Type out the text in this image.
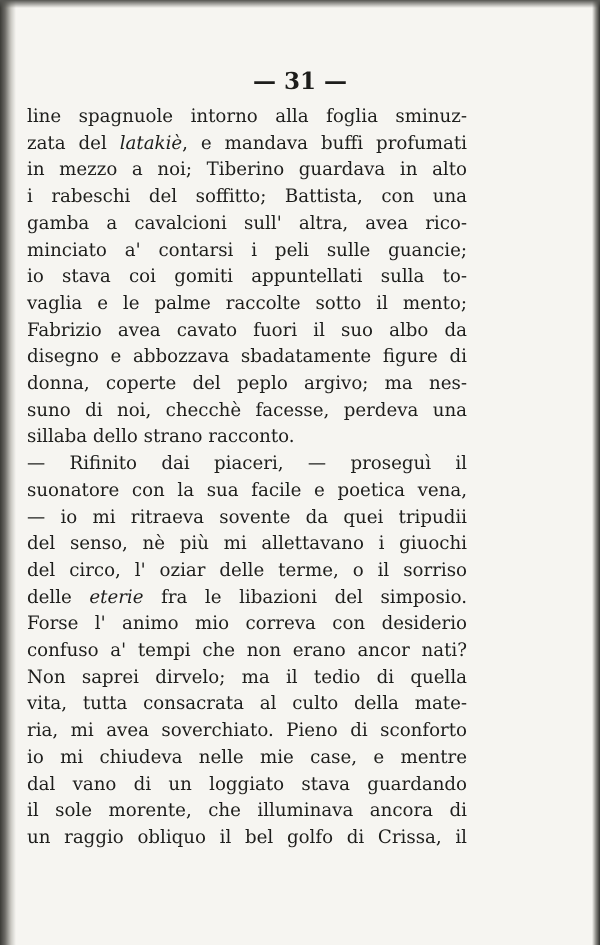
— 31 —
line spagnuole intorno alla foglia sminuz-
zata del latakiè, e mandava buffi profumati
in mezzo a noi; Tiberino guardava in alto
i rabeschi del soffitto; Battista, con una
gamba a cavalcioni sull' altra, avea rico-
minciato a' contarsi i peli sulle guancie;
io stava coi gomiti appuntellati sulla to-
vaglia e le palme raccolte sotto il mento;
Fabrizio avea cavato fuori il suo albo da
disegno e abbozzava sbadatamente figure di
donna, coperte del peplo argivo; ma nes-
suno di noi, checchè facesse, perdeva una
sillaba dello strano racconto.
— Rifinito dai piaceri, — proseguì il
suonatore con la sua facile e poetica vena,
— io mi ritraeva sovente da quei tripudii
del senso, nè più mi allettavano i giuochi
del circo, l' oziar delle terme, o il sorriso
delle eterie fra le libazioni del simposio.
Forse l' animo mio correva con desiderio
confuso a' tempi che non erano ancor nati?
Non saprei dirvelo; ma il tedio di quella
vita, tutta consacrata al culto della mate-
ria, mi avea soverchiato. Pieno di sconforto
io mi chiudeva nelle mie case, e mentre
dal vano di un loggiato stava guardando
il sole morente, che illuminava ancora di
un raggio obliquo il bel golfo di Crissa, il
